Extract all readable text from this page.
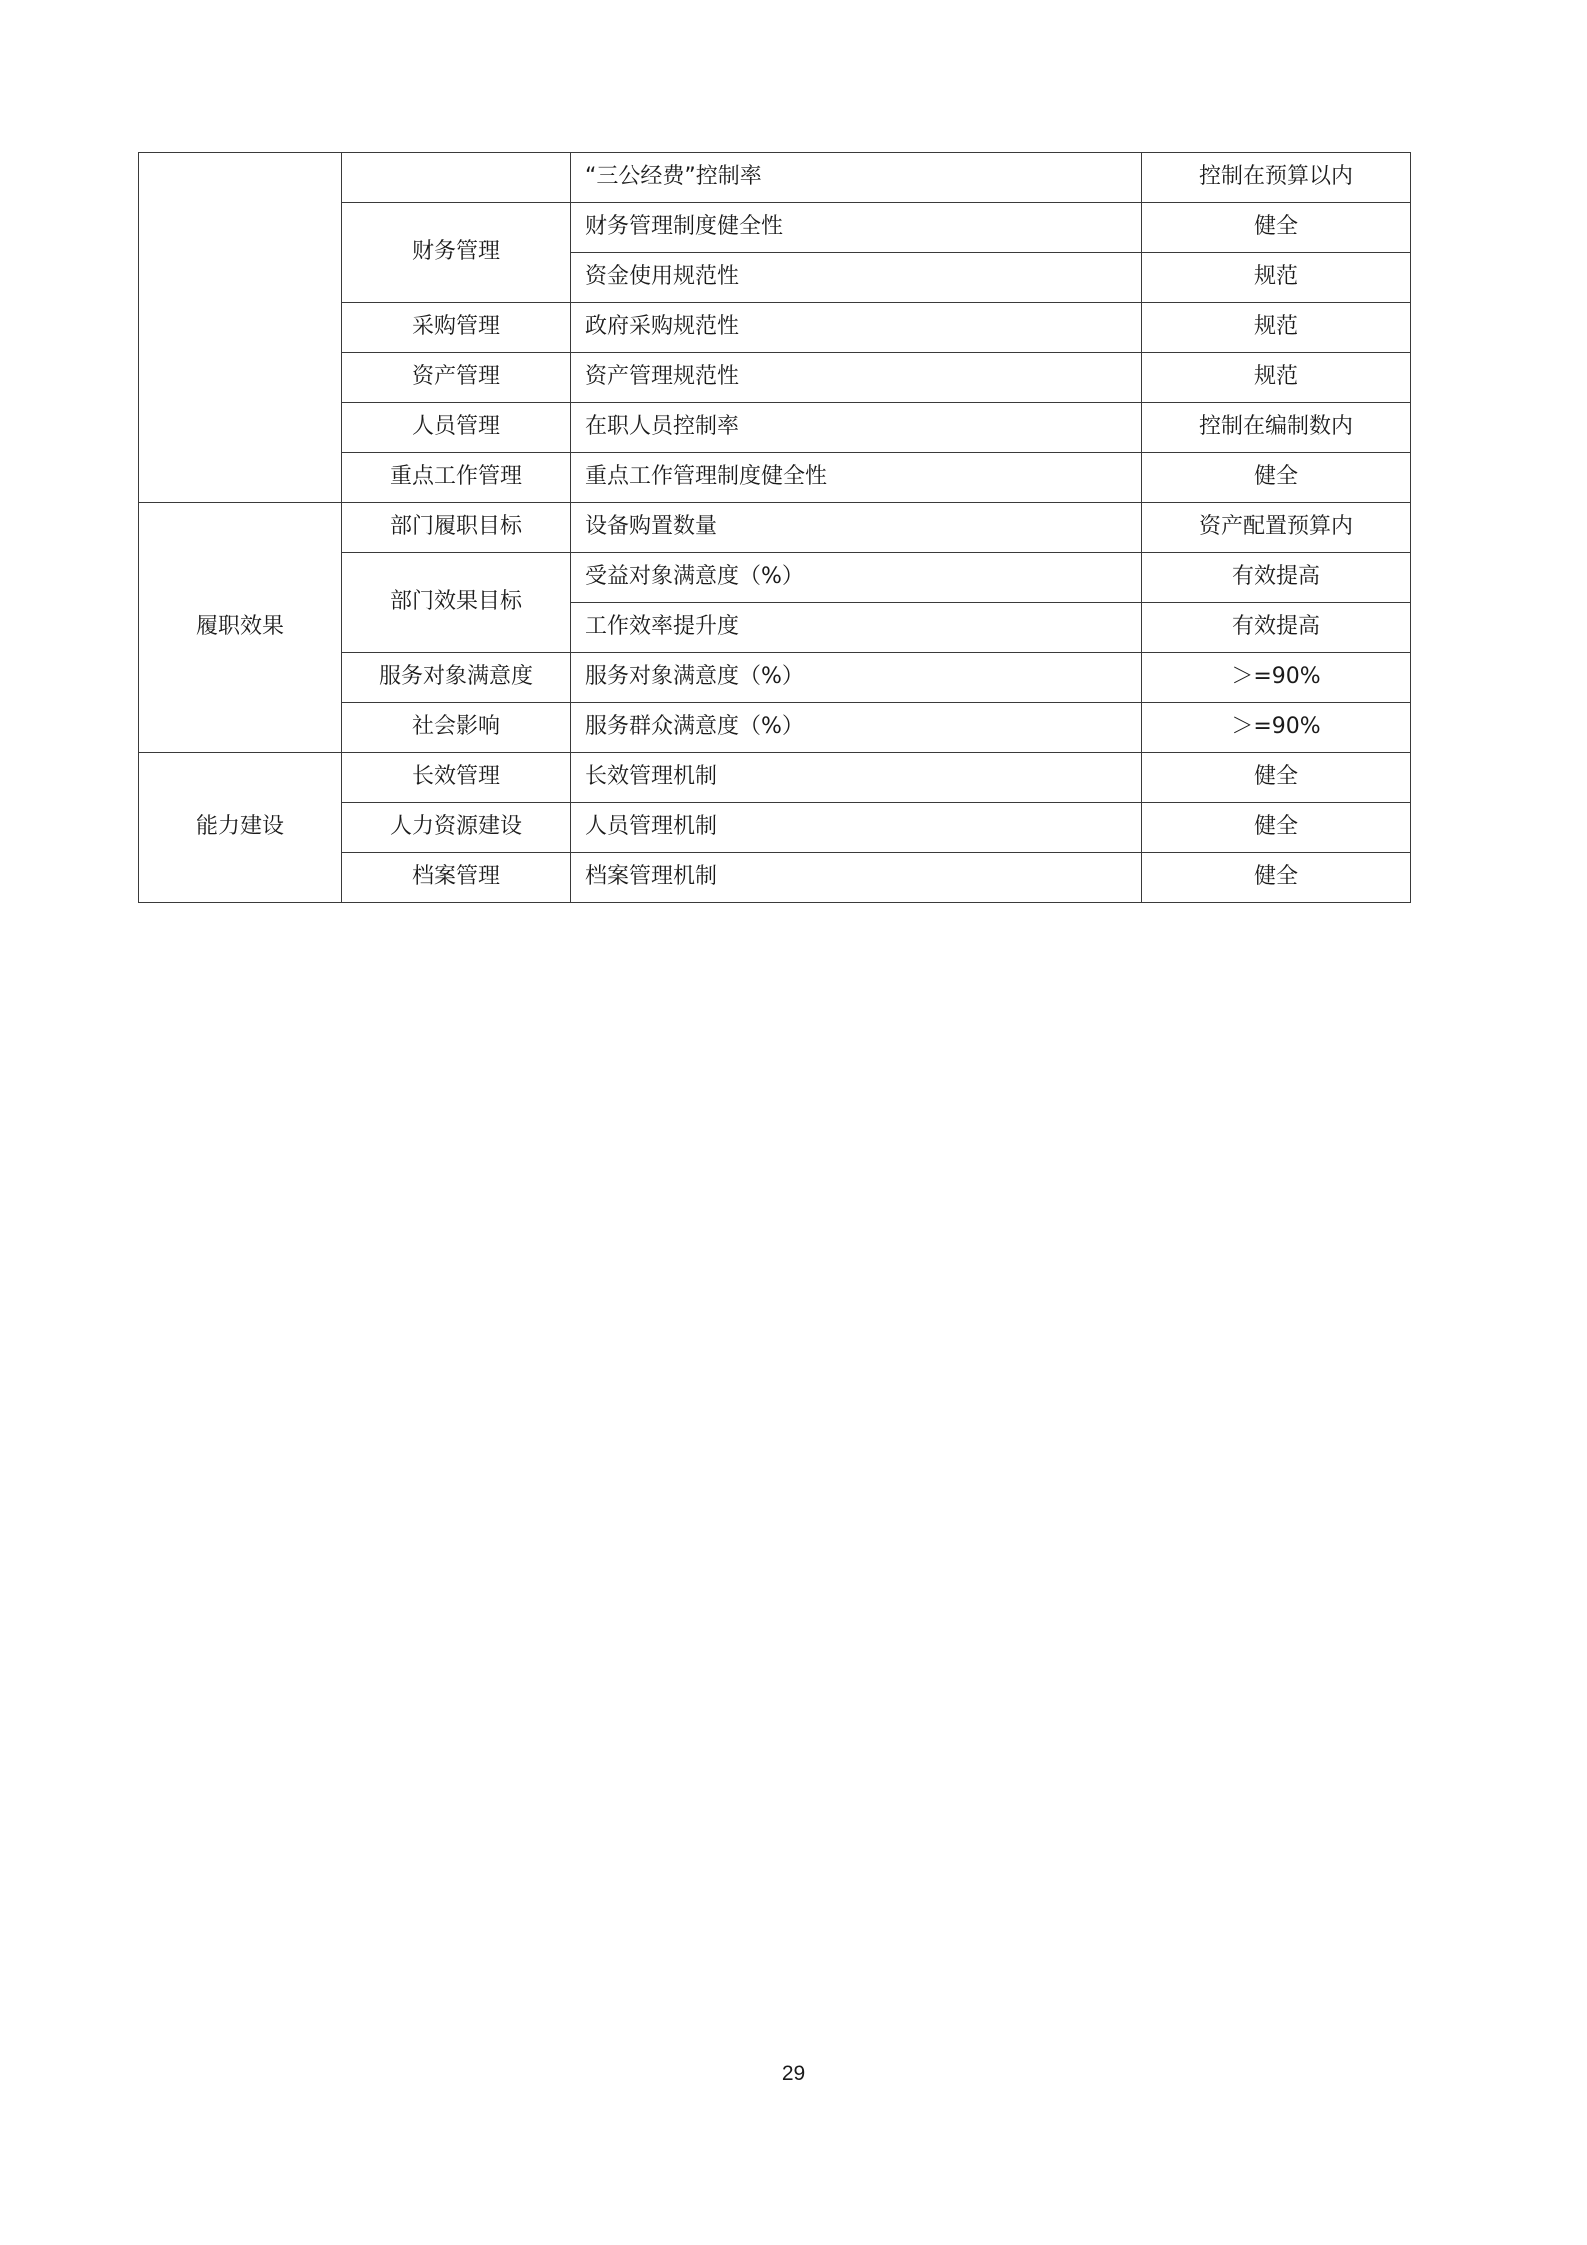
		“三公经费”控制率	控制在预算以内
	财务管理	财务管理制度健全性	健全
		资金使用规范性	规范
	采购管理	政府采购规范性	规范
	资产管理	资产管理规范性	规范
	人员管理	在职人员控制率	控制在编制数内
	重点工作管理	重点工作管理制度健全性	健全
履职效果	部门履职目标	设备购置数量	资产配置预算内
	部门效果目标	受益对象满意度（%）	有效提高
		工作效率提升度	有效提高
	服务对象满意度	服务对象满意度（%）	＞=90%
	社会影响	服务群众满意度（%）	＞=90%
能力建设	长效管理	长效管理机制	健全
	人力资源建设	人员管理机制	健全
	档案管理	档案管理机制	健全
29
